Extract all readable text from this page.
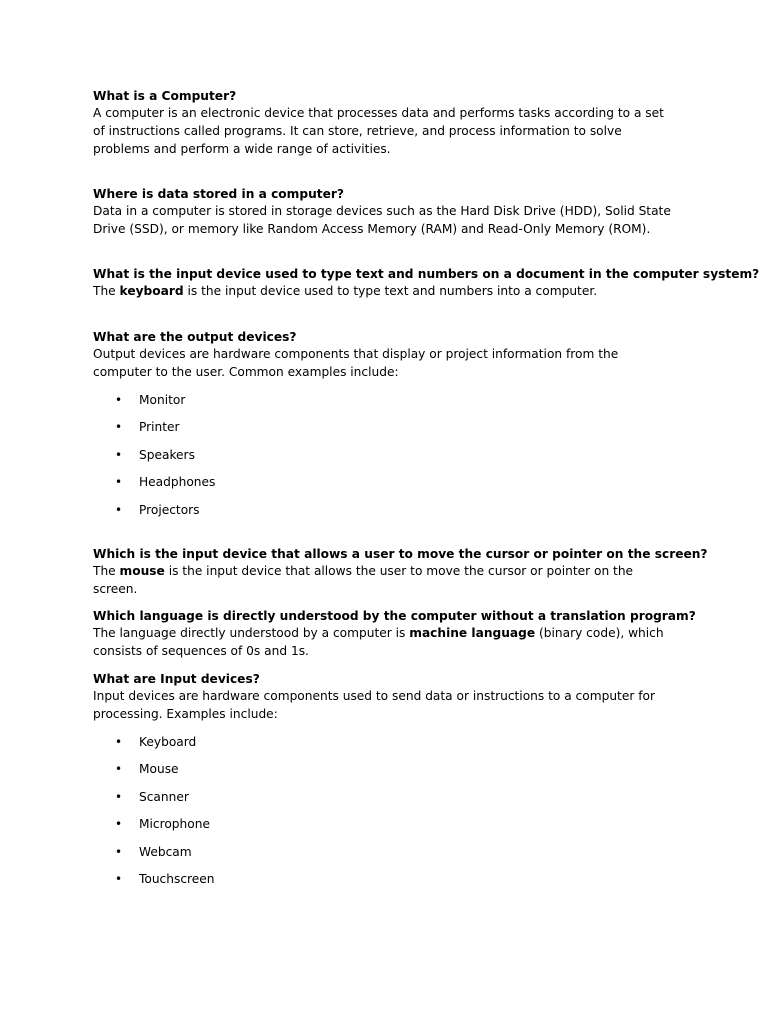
What is a Computer?

A computer is an electronic device that processes data and performs tasks according to a set of instructions called programs. It can store, retrieve, and process information to solve problems and perform a wide range of activities.

Where is data stored in a computer?

Data in a computer is stored in storage devices such as the Hard Disk Drive (HDD), Solid State Drive (SSD), or memory like Random Access Memory (RAM) and Read-Only Memory (ROM).

What is the input device used to type text and numbers on a document in the computer system?

The keyboard is the input device used to type text and numbers into a computer.

What are the output devices?

Output devices are hardware components that display or project information from the computer to the user. Common examples include:

• Monitor
• Printer
• Speakers
• Headphones
• Projectors

Which is the input device that allows a user to move the cursor or pointer on the screen?

The mouse is the input device that allows the user to move the cursor or pointer on the screen.

Which language is directly understood by the computer without a translation program?

The language directly understood by a computer is machine language (binary code), which consists of sequences of 0s and 1s.

What are Input devices?

Input devices are hardware components used to send data or instructions to a computer for processing. Examples include:

• Keyboard
• Mouse
• Scanner
• Microphone
• Webcam
• Touchscreen
